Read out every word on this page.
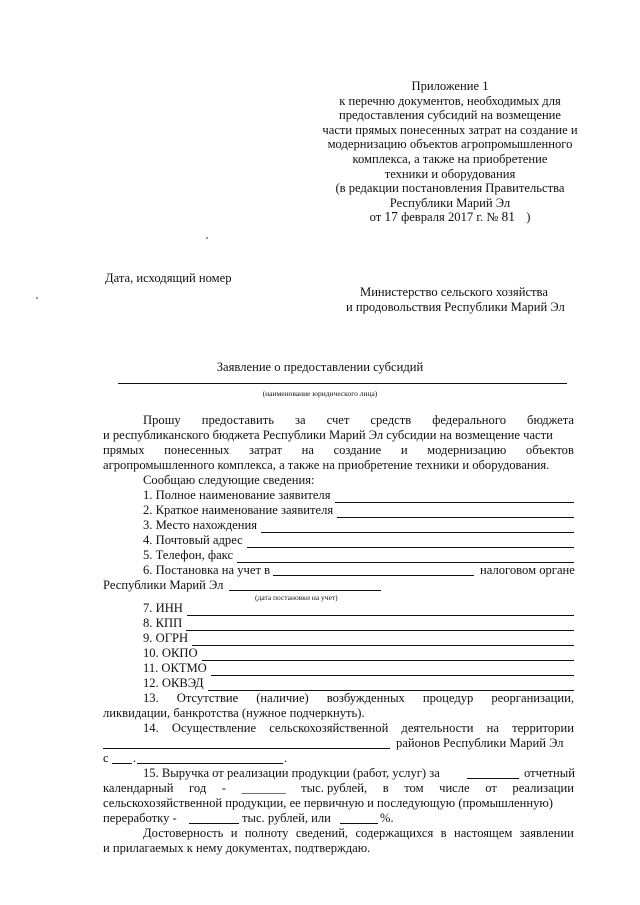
Приложение 1
к перечню документов, необходимых для
предоставления субсидий на возмещение
части прямых понесенных затрат на создание и
модернизацию объектов агропромышленного
комплекса, а также на приобретение
техники и оборудования
(в редакции постановления Правительства
Республики Марий Эл
от 17 февраля 2017 г. № 81 )
Дата, исходящий номер
Министерство сельского хозяйства
и продовольствия Республики Марий Эл
Заявление о предоставлении субсидий
(наименование юридического лица)
Прошу предоставить за счет средств федерального бюджета
и республиканского бюджета Республики Марий Эл субсидии на возмещение части
прямых понесенных затрат на создание и модернизацию объектов
агропромышленного комплекса, а также на приобретение техники и оборудования.
Сообщаю следующие сведения:
1. Полное наименование заявителя
2. Краткое наименование заявителя
3. Место нахождения
4. Почтовый адрес
5. Телефон, факс
6. Постановка на учет в	налоговом органе
Республики Марий Эл
(дата постановки на учет)
7. ИНН
8. КПП
9. ОГРН
10. ОКПО
11. ОКТМО
12. ОКВЭД
13. Отсутствие (наличие) возбужденных процедур реорганизации,
ликвидации, банкротства (нужное подчеркнуть).
14. Осуществление сельскохозяйственной деятельности на территории
районов Республики Марий Эл
с .	.
15. Выручка от реализации продукции (работ, услуг) за	отчетный
календарный год - _______ тыс. рублей, в том числе от реализации
сельскохозяйственной продукции, ее первичную и последующую (промышленную)
переработку -	тыс. рублей, или	%.
Достоверность и полноту сведений, содержащихся в настоящем заявлении
и прилагаемых к нему документах, подтверждаю.
